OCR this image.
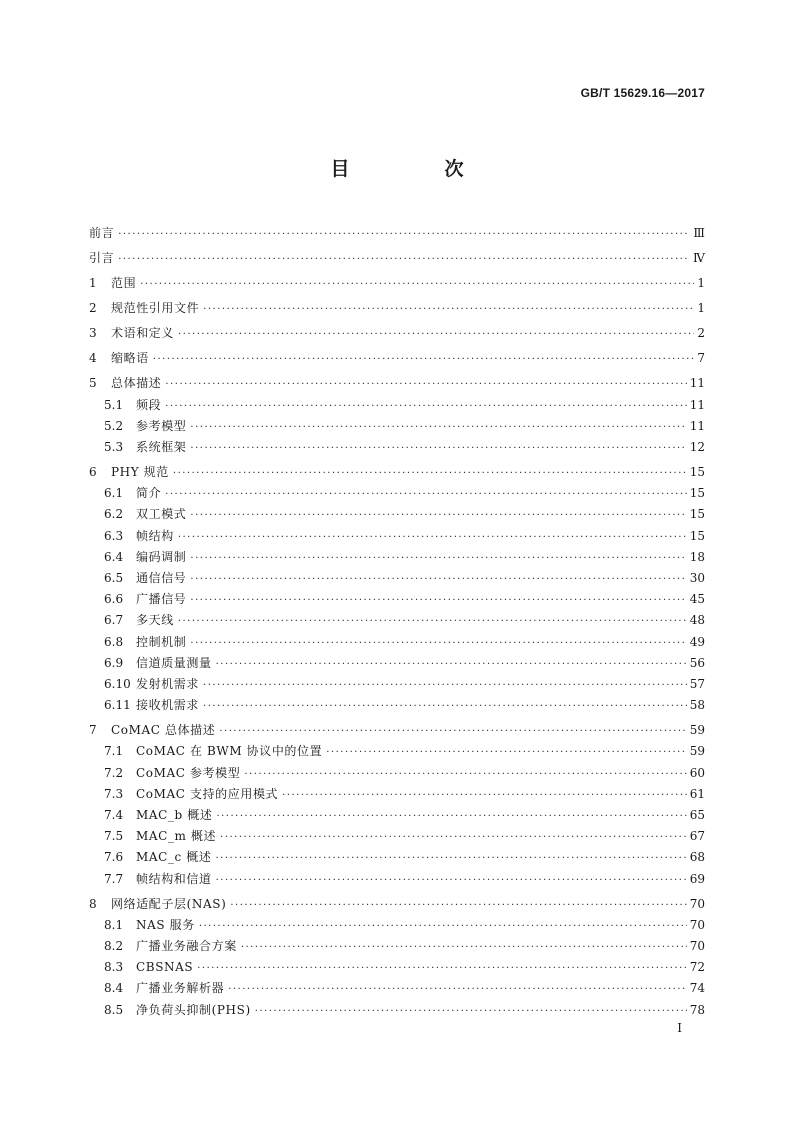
GB/T 15629.16—2017
目　次
前言 ·····	Ⅲ
引言 ·····	Ⅳ
1	范围 ·····	1
2	规范性引用文件 ·····	1
3	术语和定义 ·····	2
4	缩略语 ·····	7
5	总体描述 ·····	11
5.1	频段 ·····	11
5.2	参考模型 ·····	11
5.3	系统框架 ·····	12
6	PHY 规范 ·····	15
6.1	简介 ·····	15
6.2	双工模式 ·····	15
6.3	帧结构 ·····	15
6.4	编码调制 ·····	18
6.5	通信信号 ·····	30
6.6	广播信号 ·····	45
6.7	多天线 ·····	48
6.8	控制机制 ·····	49
6.9	信道质量测量 ·····	56
6.10 发射机需求 ·····	57
6.11 接收机需求 ·····	58
7	CoMAC 总体描述 ·····	59
7.1	CoMAC 在 BWM 协议中的位置 ·····	59
7.2	CoMAC 参考模型 ·····	60
7.3	CoMAC 支持的应用模式 ·····	61
7.4	MAC_b 概述 ·····	65
7.5	MAC_m 概述 ·····	67
7.6	MAC_c 概述 ·····	68
7.7	帧结构和信道 ·····	69
8	网络适配子层(NAS) ·····	70
8.1	NAS 服务 ·····	70
8.2	广播业务融合方案 ·····	70
8.3	CBSNAS ·····	72
8.4	广播业务解析器 ·····	74
8.5	净负荷头抑制(PHS) ·····	78
I
